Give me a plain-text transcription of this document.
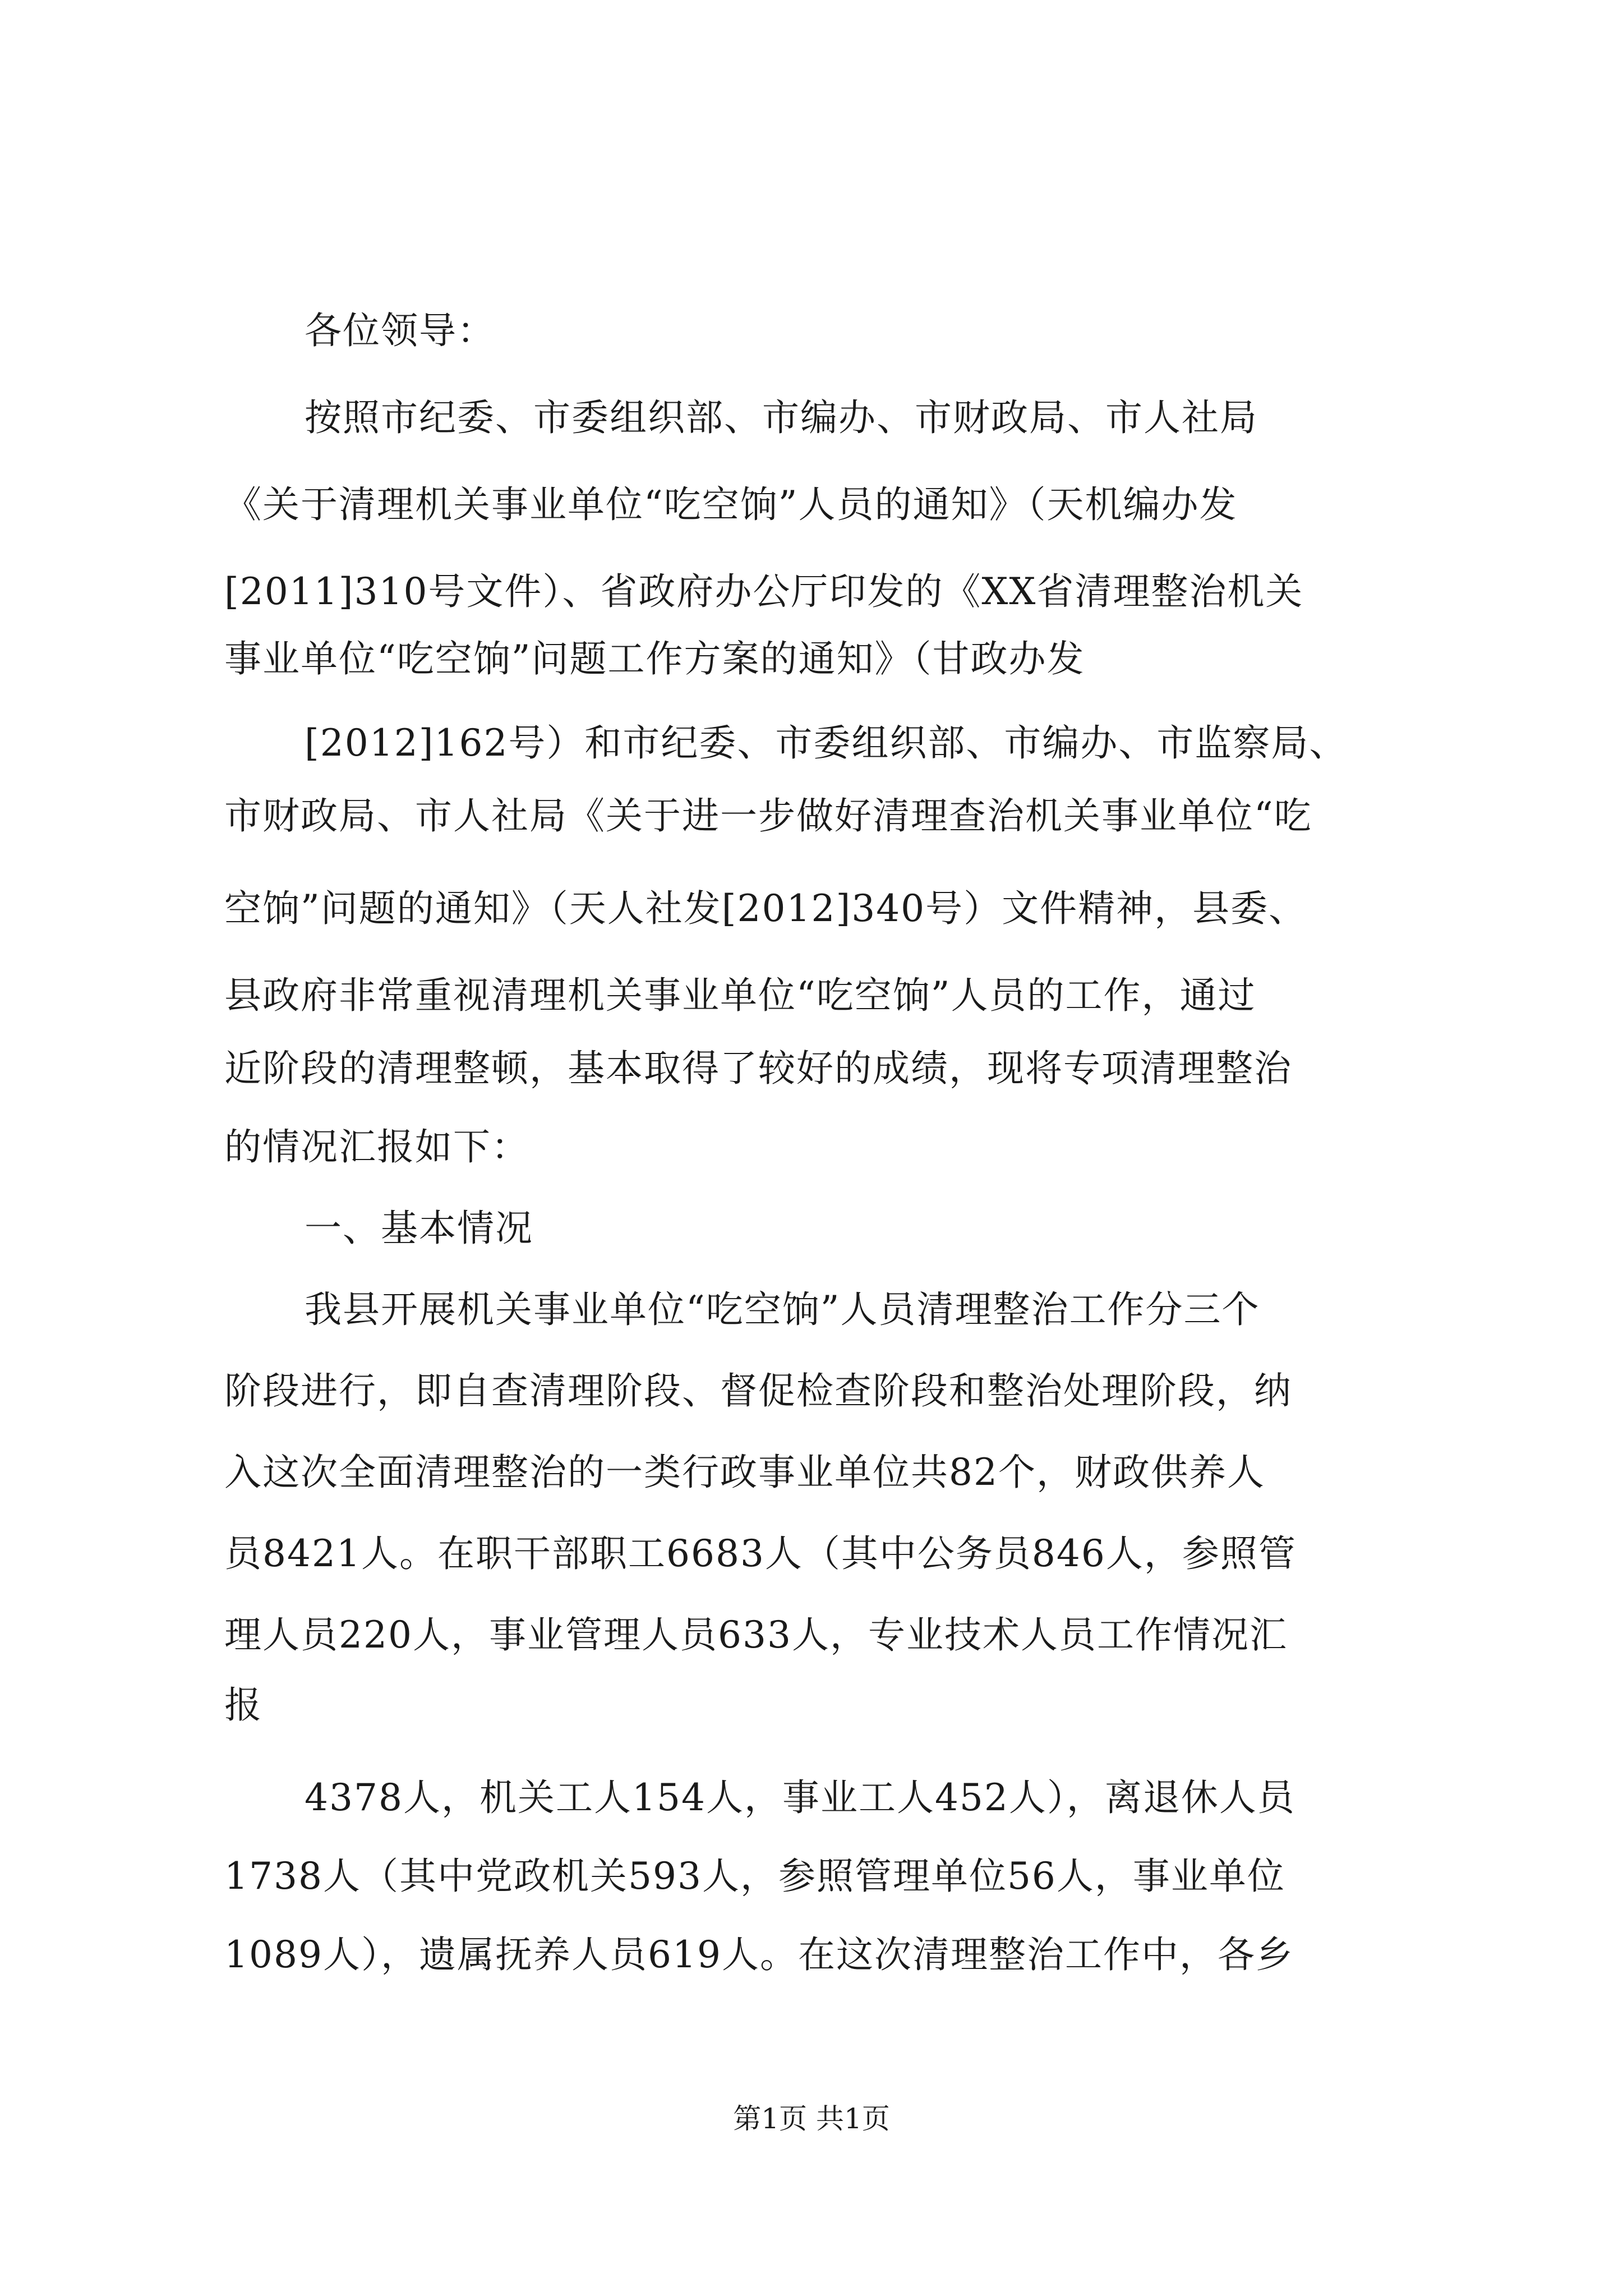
各位领导：
按照市纪委、市委组织部、市编办、市财政局、市人社局
《关于清理机关事业单位“吃空饷”人员的通知》（天机编办发
[2011]310号文件）、省政府办公厅印发的《XX省清理整治机关
事业单位“吃空饷”问题工作方案的通知》（甘政办发
[2012]162号）和市纪委、市委组织部、市编办、市监察局、
市财政局、市人社局《关于进一步做好清理查治机关事业单位“吃
空饷”问题的通知》（天人社发[2012]340号）文件精神，县委、
县政府非常重视清理机关事业单位“吃空饷”人员的工作，通过
近阶段的清理整顿，基本取得了较好的成绩，现将专项清理整治
的情况汇报如下：
一、基本情况
我县开展机关事业单位“吃空饷”人员清理整治工作分三个
阶段进行，即自查清理阶段、督促检查阶段和整治处理阶段，纳
入这次全面清理整治的一类行政事业单位共82个，财政供养人
员8421人。在职干部职工6683人（其中公务员846人，参照管
理人员220人，事业管理人员633人，专业技术人员工作情况汇
报
4378人，机关工人154人，事业工人452人），离退休人员
1738人（其中党政机关593人，参照管理单位56人，事业单位
1089人），遗属抚养人员619人。在这次清理整治工作中，各乡
第1页 共1页
